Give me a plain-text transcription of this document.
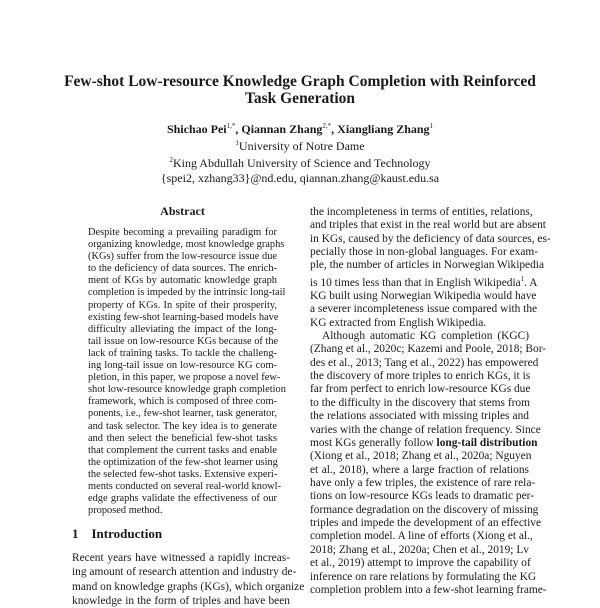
Few-shot Low-resource Knowledge Graph Completion with Reinforced
Task Generation
Shichao Pei$^{1,*}$, Qiannan Zhang$^{2,*}$, Xiangliang Zhang$^1$
$^1$University of Notre Dame
$^2$King Abdullah University of Science and Technology
{spei2, xzhang33}@nd.edu, qiannan.zhang@kaust.edu.sa
Abstract
Despite becoming a prevailing paradigm for
organizing knowledge, most knowledge graphs
(KGs) suffer from the low-resource issue due
to the deficiency of data sources. The enrich-
ment of KGs by automatic knowledge graph
completion is impeded by the intrinsic long-tail
property of KGs. In spite of their prosperity,
existing few-shot learning-based models have
difficulty alleviating the impact of the long-
tail issue on low-resource KGs because of the
lack of training tasks. To tackle the challeng-
ing long-tail issue on low-resource KG com-
pletion, in this paper, we propose a novel few-
shot low-resource knowledge graph completion
framework, which is composed of three com-
ponents, i.e., few-shot learner, task generator,
and task selector. The key idea is to generate
and then select the beneficial few-shot tasks
that complement the current tasks and enable
the optimization of the few-shot learner using
the selected few-shot tasks. Extensive experi-
ments conducted on several real-world knowl-
edge graphs validate the effectiveness of our
proposed method.
1 Introduction
Recent years have witnessed a rapidly increas-
ing amount of research attention and industry de-
mand on knowledge graphs (KGs), which organize
knowledge in the form of triples and have been
the incompleteness in terms of entities, relations,
and triples that exist in the real world but are absent
in KGs, caused by the deficiency of data sources, es-
pecially those in non-global languages. For exam-
ple, the number of articles in Norwegian Wikipedia
is 10 times less than that in English Wikipedia$^1$. A
KG built using Norwegian Wikipedia would have
a severer incompleteness issue compared with the
KG extracted from English Wikipedia.
Although automatic KG completion (KGC)
(Zhang et al., 2020c; Kazemi and Poole, 2018; Bor-
des et al., 2013; Tang et al., 2022) has empowered
the discovery of more triples to enrich KGs, it is
far from perfect to enrich low-resource KGs due
to the difficulty in the discovery that stems from
the relations associated with missing triples and
varies with the change of relation frequency. Since
most KGs generally follow long-tail distribution
(Xiong et al., 2018; Zhang et al., 2020a; Nguyen
et al., 2018), where a large fraction of relations
have only a few triples, the existence of rare rela-
tions on low-resource KGs leads to dramatic per-
formance degradation on the discovery of missing
triples and impede the development of an effective
completion model. A line of efforts (Xiong et al.,
2018; Zhang et al., 2020a; Chen et al., 2019; Lv
et al., 2019) attempt to improve the capability of
inference on rare relations by formulating the KG
completion problem into a few-shot learning frame-
